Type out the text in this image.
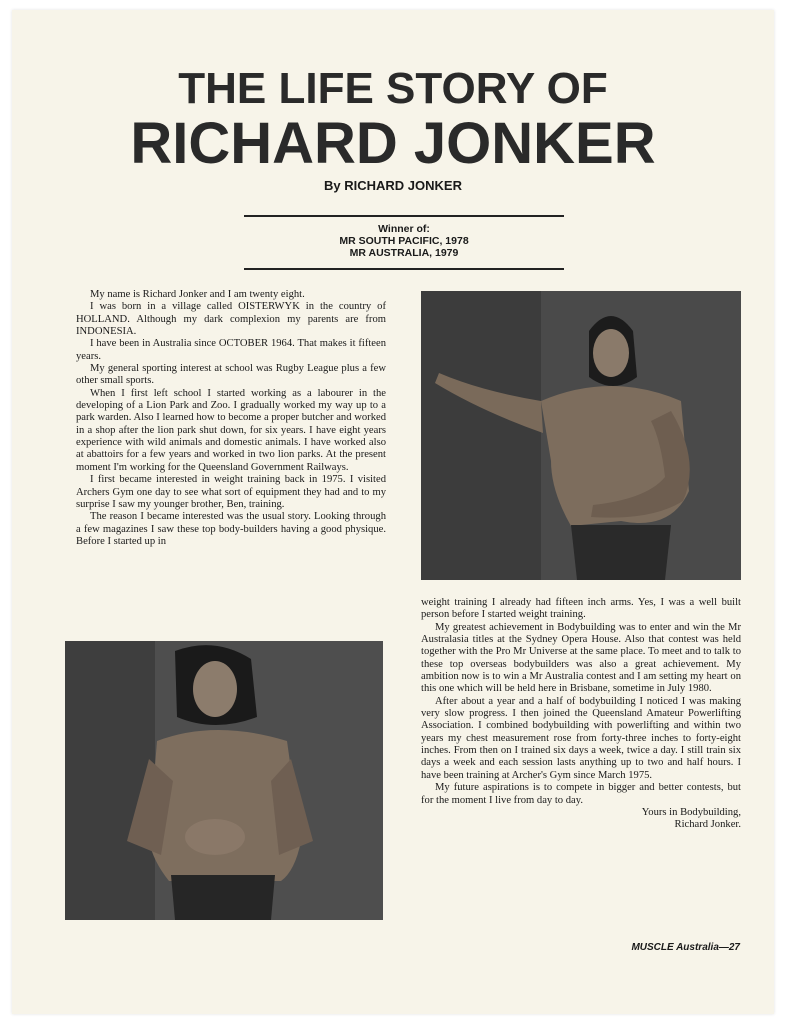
THE LIFE STORY OF
RICHARD JONKER
By RICHARD JONKER
Winner of:
MR SOUTH PACIFIC, 1978
MR AUSTRALIA, 1979

My name is Richard Jonker and I am twenty eight.

I was born in a village called OISTERWYK in the country of HOLLAND. Although my dark complexion my parents are from INDONESIA.

I have been in Australia since OCTOBER 1964. That makes it fifteen years.

My general sporting interest at school was Rugby League plus a few other small sports.

When I first left school I started working as a labourer in the developing of a Lion Park and Zoo. I gradually worked my way up to a park warden. Also I learned how to become a proper butcher and worked in a shop after the lion park shut down, for six years. I have eight years experience with wild animals and domestic animals. I have worked also at abattoirs for a few years and worked in two lion parks. At the present moment I'm working for the Queensland Government Railways.

I first became interested in weight training back in 1975. I visited Archers Gym one day to see what sort of equipment they had and to my surprise I saw my younger brother, Ben, training.

The reason I became interested was the usual story. Looking through a few magazines I saw these top body-builders having a good physique. Before I started up in

weight training I already had fifteen inch arms. Yes, I was a well built person before I started weight training.

My greatest achievement in Bodybuilding was to enter and win the Mr Australasia titles at the Sydney Opera House. Also that contest was held together with the Pro Mr Universe at the same place. To meet and to talk to these top overseas bodybuilders was also a great achievement. My ambition now is to win a Mr Australia contest and I am setting my heart on this one which will be held here in Brisbane, sometime in July 1980.

After about a year and a half of bodybuilding I noticed I was making very slow progress. I then joined the Queensland Amateur Powerlifting Association. I combined bodybuilding with powerlifting and within two years my chest measurement rose from forty-three inches to forty-eight inches. From then on I trained six days a week, twice a day. I still train six days a week and each session lasts anything up to two and half hours. I have been training at Archer's Gym since March 1975.

My future aspirations is to compete in bigger and better contests, but for the moment I live from day to day.

Yours in Bodybuilding,

Richard Jonker.

MUSCLE Australia—27
